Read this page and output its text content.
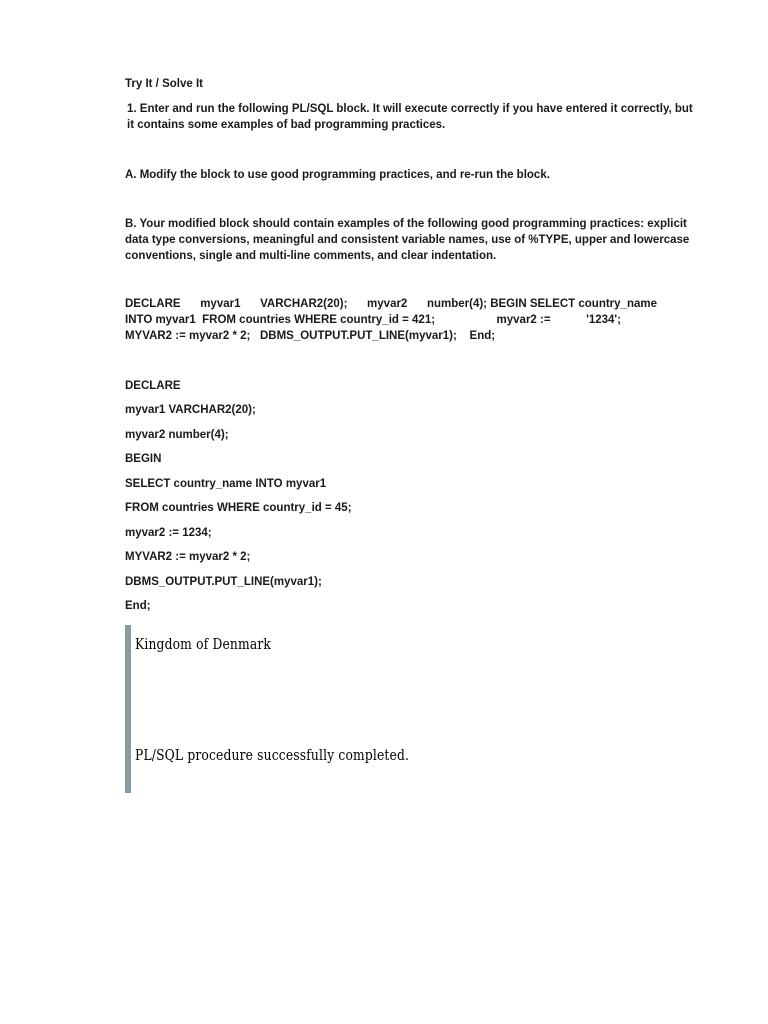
Try It / Solve It
1. Enter and run the following PL/SQL block. It will execute correctly if you have entered it correctly, but it contains some examples of bad programming practices.
A. Modify the block to use good programming practices, and re-run the block.
B. Your modified block should contain examples of the following good programming practices: explicit data type conversions, meaningful and consistent variable names, use of %TYPE, upper and lowercase conventions, single and multi-line comments, and clear indentation.
DECLARE myvar1 VARCHAR2(20); myvar2 number(4); BEGIN SELECT country_name
INTO myvar1  FROM countries WHERE country_id = 421;	myvar2 :=	'1234';
MYVAR2 := myvar2 * 2;   DBMS_OUTPUT.PUT_LINE(myvar1);    End;
DECLARE
myvar1 VARCHAR2(20);
myvar2 number(4);
BEGIN
SELECT country_name INTO myvar1
FROM countries WHERE country_id = 45;
myvar2 := 1234;
MYVAR2 := myvar2 * 2;
DBMS_OUTPUT.PUT_LINE(myvar1);
End;
Kingdom of Denmark
PL/SQL procedure successfully completed.
